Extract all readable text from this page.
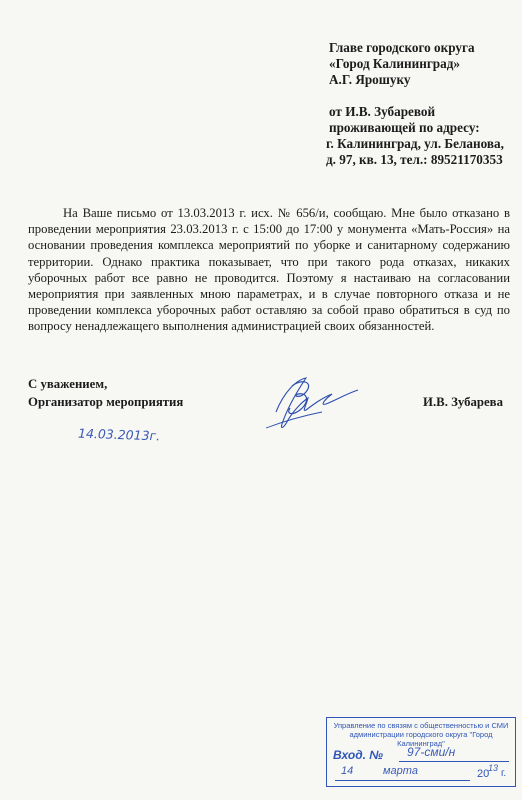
Главе городского округа
«Город Калининград»
А.Г. Ярошуку
от И.В. Зубаревой
проживающей по адресу:
г. Калининград, ул. Беланова,
д. 97, кв. 13, тел.: 89521170353

На Ваше письмо от 13.03.2013 г. исх. № 656/и, сообщаю. Мне было отказано в проведении мероприятия 23.03.2013 г. с 15:00 до 17:00 у монумента «Мать-Россия» на основании проведения комплекса мероприятий по уборке и санитарному содержанию территории. Однако практика показывает, что при такого рода отказах, никаких уборочных работ все равно не проводится. Поэтому я настаиваю на согласовании мероприятия при заявленных мною параметрах, и в случае повторного отказа и не проведении комплекса уборочных работ оставляю за собой право обратиться в суд по вопросу ненадлежащего выполнения администрацией своих обязанностей.

С уважением,
Организатор мероприятия	И.В. Зубарева
14.03.2013г.
Управление по связям с общественностью и СМИ администрации городского округа "Город Калининград"
Вход. № 97-сми/н
14	марта	20
13 г.
